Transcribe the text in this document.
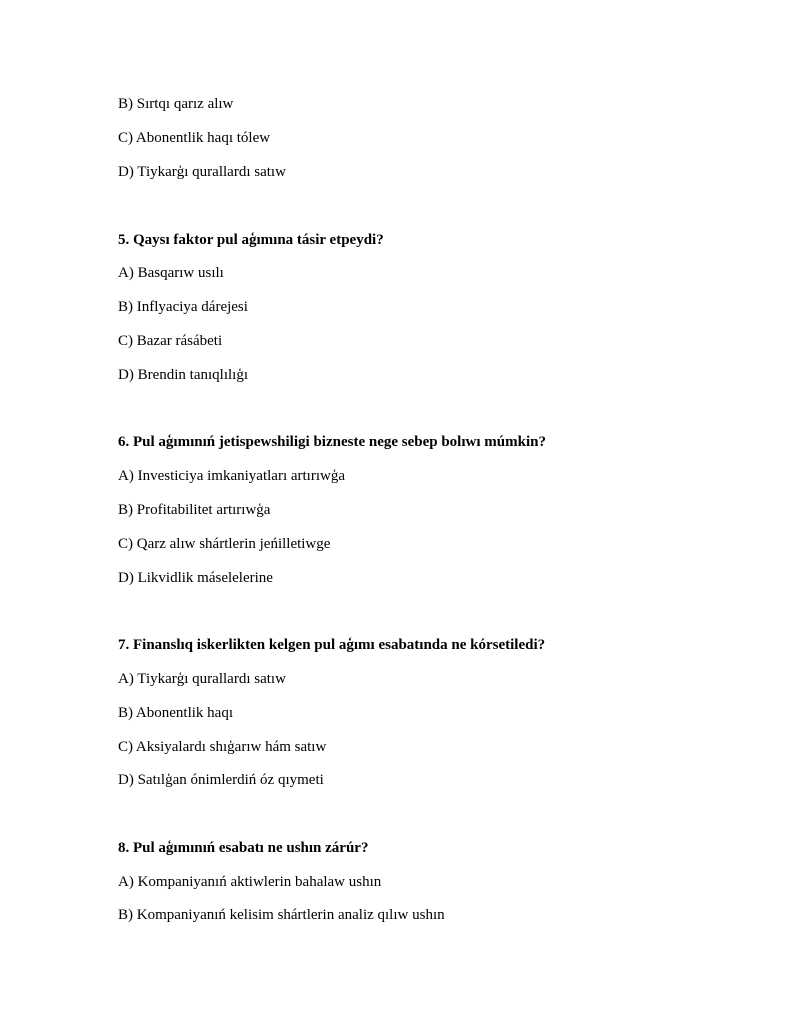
B) Sırtqı qarız alıw
C) Abonentlik haqı tólew
D) Tiykarģı qurallardı satıw
5. Qaysı faktor pul aģımına tásir etpeydi?
A) Basqarıw usılı
B) Inflyaciya dárejesi
C) Bazar rásábeti
D) Brendin tanıqlılıģı
6. Pul aģımınıń jetispewshiligi bizneste nege sebep bolıwı múmkin?
A) Investiciya imkaniyatları artırıwģa
B) Profitabilitet artırıwģa
C) Qarz alıw shártlerin jeńilletiwge
D) Likvidlik máselelerine
7. Finanslıq iskerlikten kelgen pul aģımı esabatında ne kórsetiledi?
A) Tiykarģı qurallardı satıw
B) Abonentlik haqı
C) Aksiyalardı shıģarıw hám satıw
D) Satılģan ónimlerdiń óz qıymeti
8. Pul aģımınıń esabatı ne ushın zárúr?
A) Kompaniyanıń aktiwlerin bahalaw ushın
B) Kompaniyanıń kelisim shártlerin analiz qılıw ushın
